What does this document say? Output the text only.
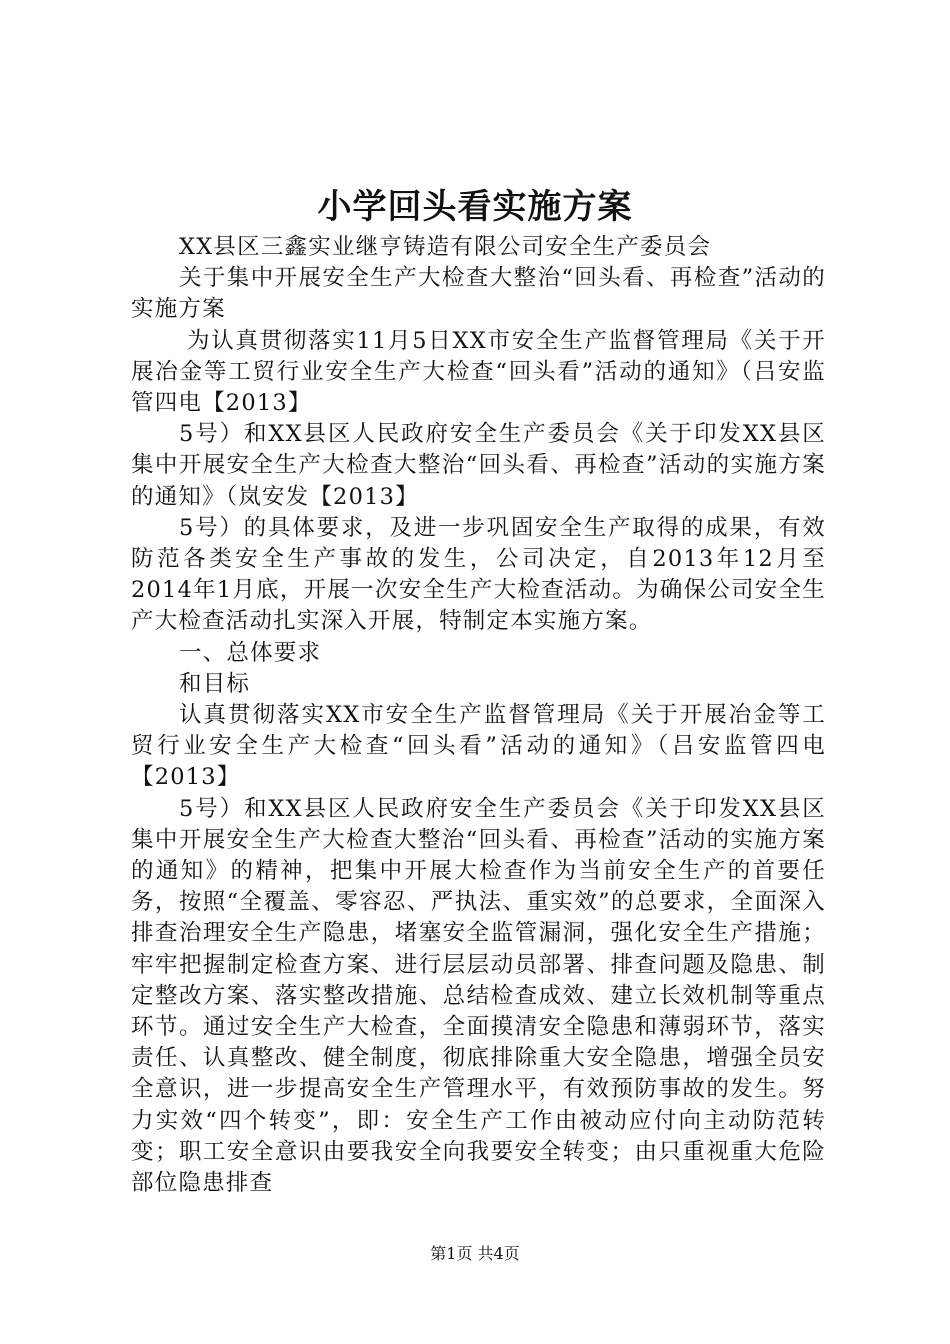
小学回头看实施方案

XX县区三鑫实业继亨铸造有限公司安全生产委员会

关于集中开展安全生产大检查大整治“回头看、再检查”活动的实施方案

为认真贯彻落实11月5日XX市安全生产监督管理局《关于开展冶金等工贸行业安全生产大检查“回头看”活动的通知》（吕安监管四电【2013】

5号）和XX县区人民政府安全生产委员会《关于印发XX县区集中开展安全生产大检查大整治“回头看、再检查”活动的实施方案的通知》（岚安发【2013】

5号）的具体要求，及进一步巩固安全生产取得的成果，有效防范各类安全生产事故的发生，公司决定，自2013年12月至2014年1月底，开展一次安全生产大检查活动。为确保公司安全生产大检查活动扎实深入开展，特制定本实施方案。

一、总体要求

和目标

认真贯彻落实XX市安全生产监督管理局《关于开展冶金等工贸行业安全生产大检查“回头看”活动的通知》（吕安监管四电【2013】

5号）和XX县区人民政府安全生产委员会《关于印发XX县区集中开展安全生产大检查大整治“回头看、再检查”活动的实施方案的通知》的精神，把集中开展大检查作为当前安全生产的首要任务，按照“全覆盖、零容忍、严执法、重实效”的总要求，全面深入排查治理安全生产隐患，堵塞安全监管漏洞，强化安全生产措施；牢牢把握制定检查方案、进行层层动员部署、排查问题及隐患、制定整改方案、落实整改措施、总结检查成效、建立长效机制等重点环节。通过安全生产大检查，全面摸清安全隐患和薄弱环节，落实责任、认真整改、健全制度，彻底排除重大安全隐患，增强全员安全意识，进一步提高安全生产管理水平，有效预防事故的发生。努力实效“四个转变”，即：安全生产工作由被动应付向主动防范转变；职工安全意识由要我安全向我要安全转变；由只重视重大危险部位隐患排查

第1页 共4页
